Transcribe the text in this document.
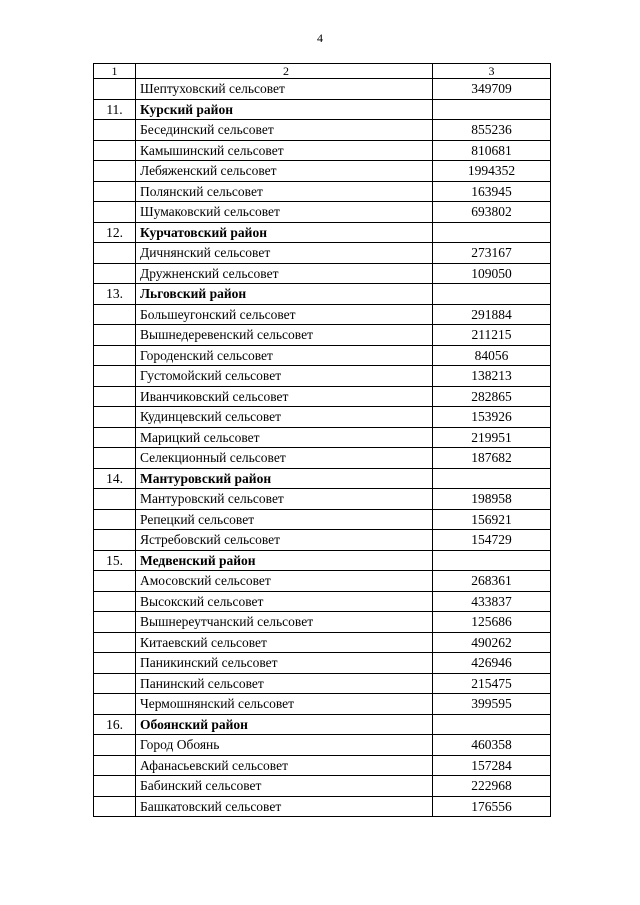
4
1	2	3
	Шептуховский сельсовет	349709
11.	Курский район	
	Бесединский сельсовет	855236
	Камышинский сельсовет	810681
	Лебяженский сельсовет	1994352
	Полянский сельсовет	163945
	Шумаковский сельсовет	693802
12.	Курчатовский район	
	Дичнянский сельсовет	273167
	Дружненский сельсовет	109050
13.	Льговский район	
	Большеугонский сельсовет	291884
	Вышнедеревенский сельсовет	211215
	Городенский сельсовет	84056
	Густомойский сельсовет	138213
	Иванчиковский сельсовет	282865
	Кудинцевский сельсовет	153926
	Марицкий сельсовет	219951
	Селекционный сельсовет	187682
14.	Мантуровский район	
	Мантуровский сельсовет	198958
	Репецкий сельсовет	156921
	Ястребовский сельсовет	154729
15.	Медвенский район	
	Амосовский сельсовет	268361
	Высокский сельсовет	433837
	Вышнереутчанский сельсовет	125686
	Китаевский сельсовет	490262
	Паникинский сельсовет	426946
	Панинский сельсовет	215475
	Чермошнянский сельсовет	399595
16.	Обоянский район	
	Город Обоянь	460358
	Афанасьевский сельсовет	157284
	Бабинский сельсовет	222968
	Башкатовский сельсовет	176556
